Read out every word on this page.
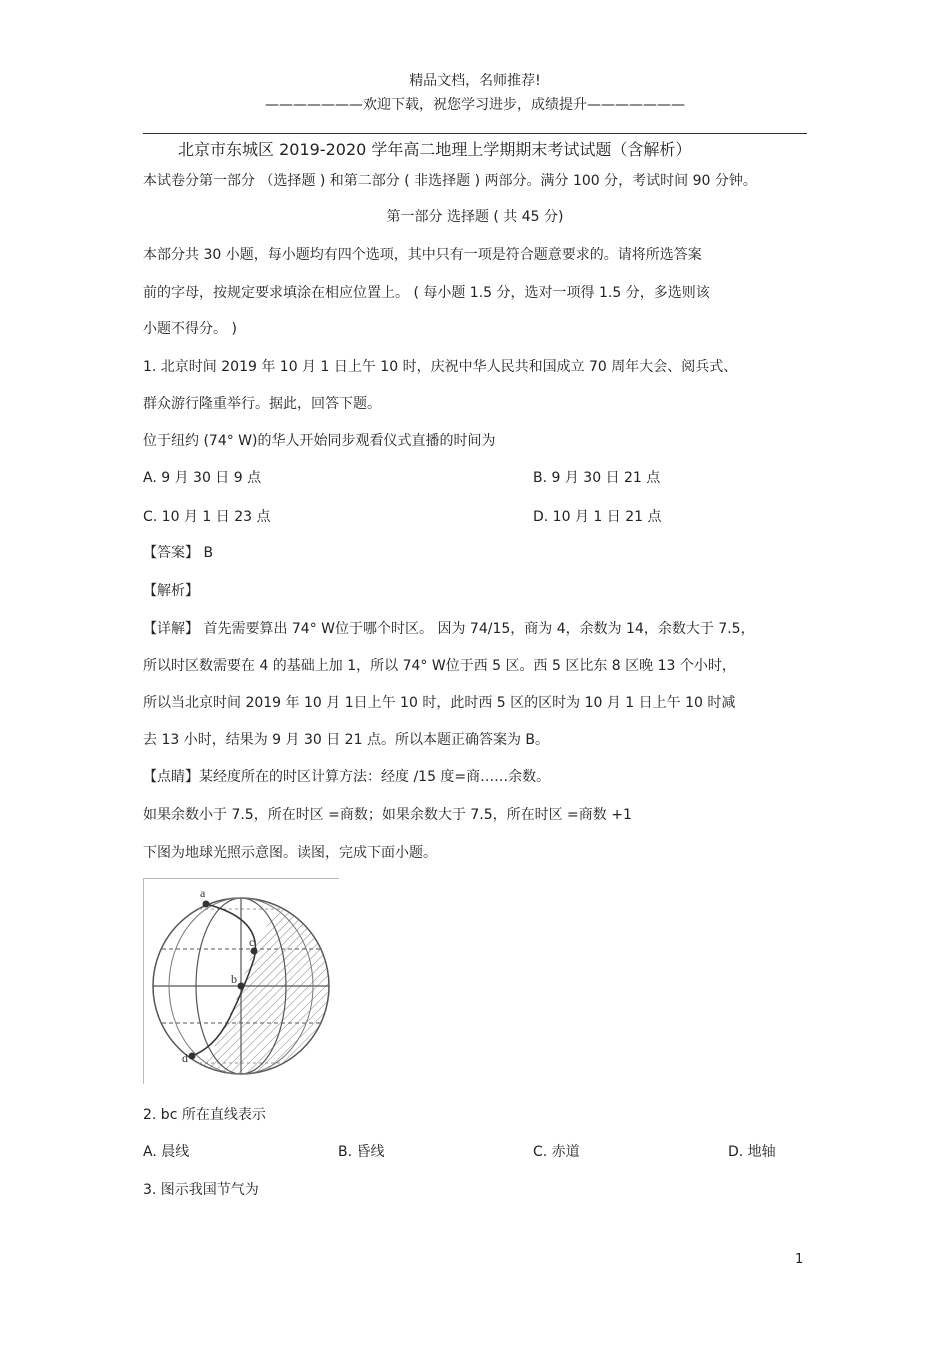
精品文档，名师推荐!
———————欢迎下载，祝您学习进步，成绩提升———————
北京市东城区 2019-2020 学年高二地理上学期期末考试试题（含解析）
本试卷分第一部分 （选择题 ) 和第二部分 ( 非选择题 ) 两部分。满分 100 分，考试时间 90 分钟。
第一部分 选择题 ( 共 45 分)
本部分共 30 小题，每小题均有四个选项，其中只有一项是符合题意要求的。请将所选答案
前的字母，按规定要求填涂在相应位置上。 ( 每小题 1.5 分，选对一项得 1.5 分，多选则该
小题不得分。 )
1. 北京时间 2019 年 10 月 1 日上午 10 时，庆祝中华人民共和国成立 70 周年大会、阅兵式、
群众游行隆重举行。据此，回答下题。
位于纽约 (74° W)的华人开始同步观看仪式直播的时间为
A. 9 月 30 日 9 点	B. 9 月 30 日 21 点
C. 10 月 1 日 23 点	D. 10 月 1 日 21 点
【答案】 B
【解析】
【详解】 首先需要算出 74° W位于哪个时区。 因为 74/15，商为 4，余数为 14，余数大于 7.5，
所以时区数需要在 4 的基础上加 1，所以 74° W位于西 5 区。西 5 区比东 8 区晚 13 个小时，
所以当北京时间 2019 年 10 月 1日上午 10 时，此时西 5 区的区时为 10 月 1 日上午 10 时减
去 13 小时，结果为 9 月 30 日 21 点。所以本题正确答案为 B。
【点睛】某经度所在的时区计算方法：经度 /15 度=商……余数。
如果余数小于 7.5，所在时区 =商数；如果余数大于 7.5，所在时区 =商数 +1
下图为地球光照示意图。读图，完成下面小题。
a
c
b
d
2. bc 所在直线表示
A. 晨线	B. 昏线	C. 赤道	D. 地轴
3. 图示我国节气为
1
